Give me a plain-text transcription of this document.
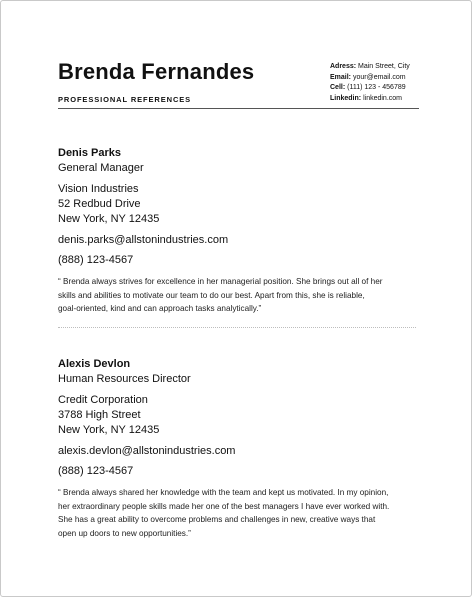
Brenda Fernandes
PROFESSIONAL REFERENCES
Adress: Main Street, City
Email: your@email.com
Cell: (111) 123 - 456789
Linkedin: linkedin.com
Denis Parks
General Manager
Vision Industries
52 Redbud Drive
New York, NY 12435
denis.parks@allstonindustries.com
(888) 123-4567
“ Brenda always strives for excellence in her managerial position. She brings out all of her
skills and abilities to motivate our team to do our best. Apart from this, she is reliable,
goal-oriented, kind and can approach tasks analytically.”
Alexis Devlon
Human Resources Director
Credit Corporation
3788 High Street
New York, NY 12435
alexis.devlon@allstonindustries.com
(888) 123-4567
“ Brenda always shared her knowledge with the team and kept us motivated. In my opinion,
her extraordinary people skills made her one of the best managers I have ever worked with.
She has a great ability to overcome problems and challenges in new, creative ways that
open up doors to new opportunities.”
